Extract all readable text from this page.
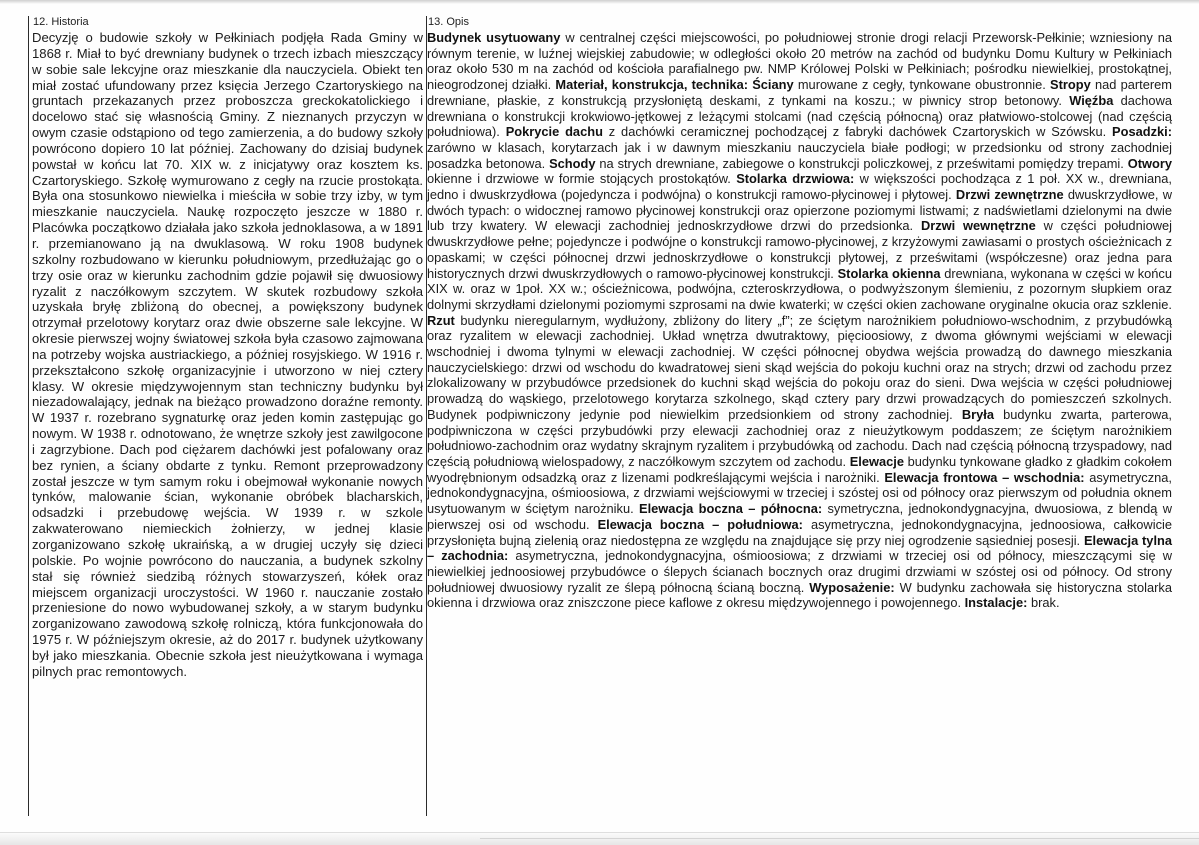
12. Historia

Decyzję o budowie szkoły w Pełkiniach podjęła Rada Gminy w 1868 r. Miał to być drewniany budynek o trzech izbach mieszczący w sobie sale lekcyjne oraz mieszkanie dla nauczyciela. Obiekt ten miał zostać ufundowany przez księcia Jerzego Czartoryskiego na gruntach przekazanych przez proboszcza greckokatolickiego i docelowo stać się własnością Gminy. Z nieznanych przyczyn w owym czasie odstąpiono od tego zamierzenia, a do budowy szkoły powrócono dopiero 10 lat później. Zachowany do dzisiaj budynek powstał w końcu lat 70. XIX w. z inicjatywy oraz kosztem ks. Czartoryskiego. Szkołę wymurowano z cegły na rzucie prostokąta. Była ona stosunkowo niewielka i mieściła w sobie trzy izby, w tym mieszkanie nauczyciela. Naukę rozpoczęto jeszcze w 1880 r. Placówka początkowo działała jako szkoła jednoklasowa, a w 1891 r. przemianowano ją na dwuklasową. W roku 1908 budynek szkolny rozbudowano w kierunku południowym, przedłużając go o trzy osie oraz w kierunku zachodnim gdzie pojawił się dwuosiowy ryzalit z naczółkowym szczytem. W skutek rozbudowy szkoła uzyskała bryłę zbliżoną do obecnej, a powiększony budynek otrzymał przelotowy korytarz oraz dwie obszerne sale lekcyjne. W okresie pierwszej wojny światowej szkoła była czasowo zajmowana na potrzeby wojska austriackiego, a później rosyjskiego. W 1916 r. przekształcono szkołę organizacyjnie i utworzono w niej cztery klasy. W okresie międzywojennym stan techniczny budynku był niezadowalający, jednak na bieżąco prowadzono doraźne remonty. W 1937 r. rozebrano sygnaturkę oraz jeden komin zastępując go nowym. W 1938 r. odnotowano, że wnętrze szkoły jest zawilgocone i zagrzybione. Dach pod ciężarem dachówki jest pofalowany oraz bez rynien, a ściany obdarte z tynku. Remont przeprowadzony został jeszcze w tym samym roku i obejmował wykonanie nowych tynków, malowanie ścian, wykonanie obróbek blacharskich, odsadzki i przebudowę wejścia. W 1939 r. w szkole zakwaterowano niemieckich żołnierzy, w jednej klasie zorganizowano szkołę ukraińską, a w drugiej uczyły się dzieci polskie. Po wojnie powrócono do nauczania, a budynek szkolny stał się również siedzibą różnych stowarzyszeń, kółek oraz miejscem organizacji uroczystości. W 1960 r. nauczanie zostało przeniesione do nowo wybudowanej szkoły, a w starym budynku zorganizowano zawodową szkołę rolniczą, która funkcjonowała do 1975 r. W późniejszym okresie, aż do 2017 r. budynek użytkowany był jako mieszkania. Obecnie szkoła jest nieużytkowana i wymaga pilnych prac remontowych.

13. Opis

Budynek usytuowany w centralnej części miejscowości, po południowej stronie drogi relacji Przeworsk-Pełkinie; wzniesiony na równym terenie, w luźnej wiejskiej zabudowie; w odległości około 20 metrów na zachód od budynku Domu Kultury w Pełkiniach oraz około 530 m na zachód od kościoła parafialnego pw. NMP Królowej Polski w Pełkiniach; pośrodku niewielkiej, prostokątnej, nieogrodzonej działki. Materiał, konstrukcja, technika: Ściany murowane z cegły, tynkowane obustronnie. Stropy nad parterem drewniane, płaskie, z konstrukcją przysłoniętą deskami, z tynkami na koszu.; w piwnicy strop betonowy. Więźba dachowa drewniana o konstrukcji krokwiowo-jętkowej z leżącymi stolcami (nad częścią północną) oraz płatwiowo-stolcowej (nad częścią południowa). Pokrycie dachu z dachówki ceramicznej pochodzącej z fabryki dachówek Czartoryskich w Szówsku. Posadzki: zarówno w klasach, korytarzach jak i w dawnym mieszkaniu nauczyciela białe podłogi; w przedsionku od strony zachodniej posadzka betonowa. Schody na strych drewniane, zabiegowe o konstrukcji policzkowej, z prześwitami pomiędzy trepami. Otwory okienne i drzwiowe w formie stojących prostokątów. Stolarka drzwiowa: w większości pochodząca z 1 poł. XX w., drewniana, jedno i dwuskrzydłowa (pojedyncza i podwójna) o konstrukcji ramowo-płycinowej i płytowej. Drzwi zewnętrzne dwuskrzydłowe, w dwóch typach: o widocznej ramowo płycinowej konstrukcji oraz opierzone poziomymi listwami; z nadświetlami dzielonymi na dwie lub trzy kwatery. W elewacji zachodniej jednoskrzydłowe drzwi do przedsionka. Drzwi wewnętrzne w części południowej dwuskrzydłowe pełne; pojedyncze i podwójne o konstrukcji ramowo-płycinowej, z krzyżowymi zawiasami o prostych ościeżnicach z opaskami; w części północnej drzwi jednoskrzydłowe o konstrukcji płytowej, z prześwitami (współczesne) oraz jedna para historycznych drzwi dwuskrzydłowych o ramowo-płycinowej konstrukcji. Stolarka okienna drewniana, wykonana w części w końcu XIX w. oraz w 1poł. XX w.; ościeżnicowa, podwójna, czteroskrzydłowa, o podwyższonym ślemieniu, z pozornym słupkiem oraz dolnymi skrzydłami dzielonymi poziomymi szprosami na dwie kwaterki; w części okien zachowane oryginalne okucia oraz szklenie. Rzut budynku nieregularnym, wydłużony, zbliżony do litery „f”; ze ściętym narożnikiem południowo-wschodnim, z przybudówką oraz ryzalitem w elewacji zachodniej. Układ wnętrza dwutraktowy, pięcioosiowy, z dwoma głównymi wejściami w elewacji wschodniej i dwoma tylnymi w elewacji zachodniej. W części północnej obydwa wejścia prowadzą do dawnego mieszkania nauczycielskiego: drzwi od wschodu do kwadratowej sieni skąd wejścia do pokoju kuchni oraz na strych; drzwi od zachodu przez zlokalizowany w przybudówce przedsionek do kuchni skąd wejścia do pokoju oraz do sieni. Dwa wejścia w części południowej prowadzą do wąskiego, przelotowego korytarza szkolnego, skąd cztery pary drzwi prowadzących do pomieszczeń szkolnych. Budynek podpiwniczony jedynie pod niewielkim przedsionkiem od strony zachodniej. Bryła budynku zwarta, parterowa, podpiwniczona w części przybudówki przy elewacji zachodniej oraz z nieużytkowym poddaszem; ze ściętym narożnikiem południowo-zachodnim oraz wydatny skrajnym ryzalitem i przybudówką od zachodu. Dach nad częścią północną trzyspadowy, nad częścią południową wielospadowy, z naczółkowym szczytem od zachodu. Elewacje budynku tynkowane gładko z gładkim cokołem wyodrębnionym odsadzką oraz z lizenami podkreślającymi wejścia i narożniki. Elewacja frontowa – wschodnia: asymetryczna, jednokondygnacyjna, ośmioosiowa, z drzwiami wejściowymi w trzeciej i szóstej osi od północy oraz pierwszym od południa oknem usytuowanym w ściętym narożniku. Elewacja boczna – północna: symetryczna, jednokondygnacyjna, dwuosiowa, z blendą w pierwszej osi od wschodu. Elewacja boczna – południowa: asymetryczna, jednokondygnacyjna, jednoosiowa, całkowicie przysłonięta bujną zielenią oraz niedostępna ze względu na znajdujące się przy niej ogrodzenie sąsiedniej posesji. Elewacja tylna – zachodnia: asymetryczna, jednokondygnacyjna, ośmioosiowa; z drzwiami w trzeciej osi od północy, mieszczącymi się w niewielkiej jednoosiowej przybudówce o ślepych ścianach bocznych oraz drugimi drzwiami w szóstej osi od północy. Od strony południowej dwuosiowy ryzalit ze ślepą północną ścianą boczną. Wyposażenie: W budynku zachowała się historyczna stolarka okienna i drzwiowa oraz zniszczone piece kaflowe z okresu międzywojennego i powojennego. Instalacje: brak.
